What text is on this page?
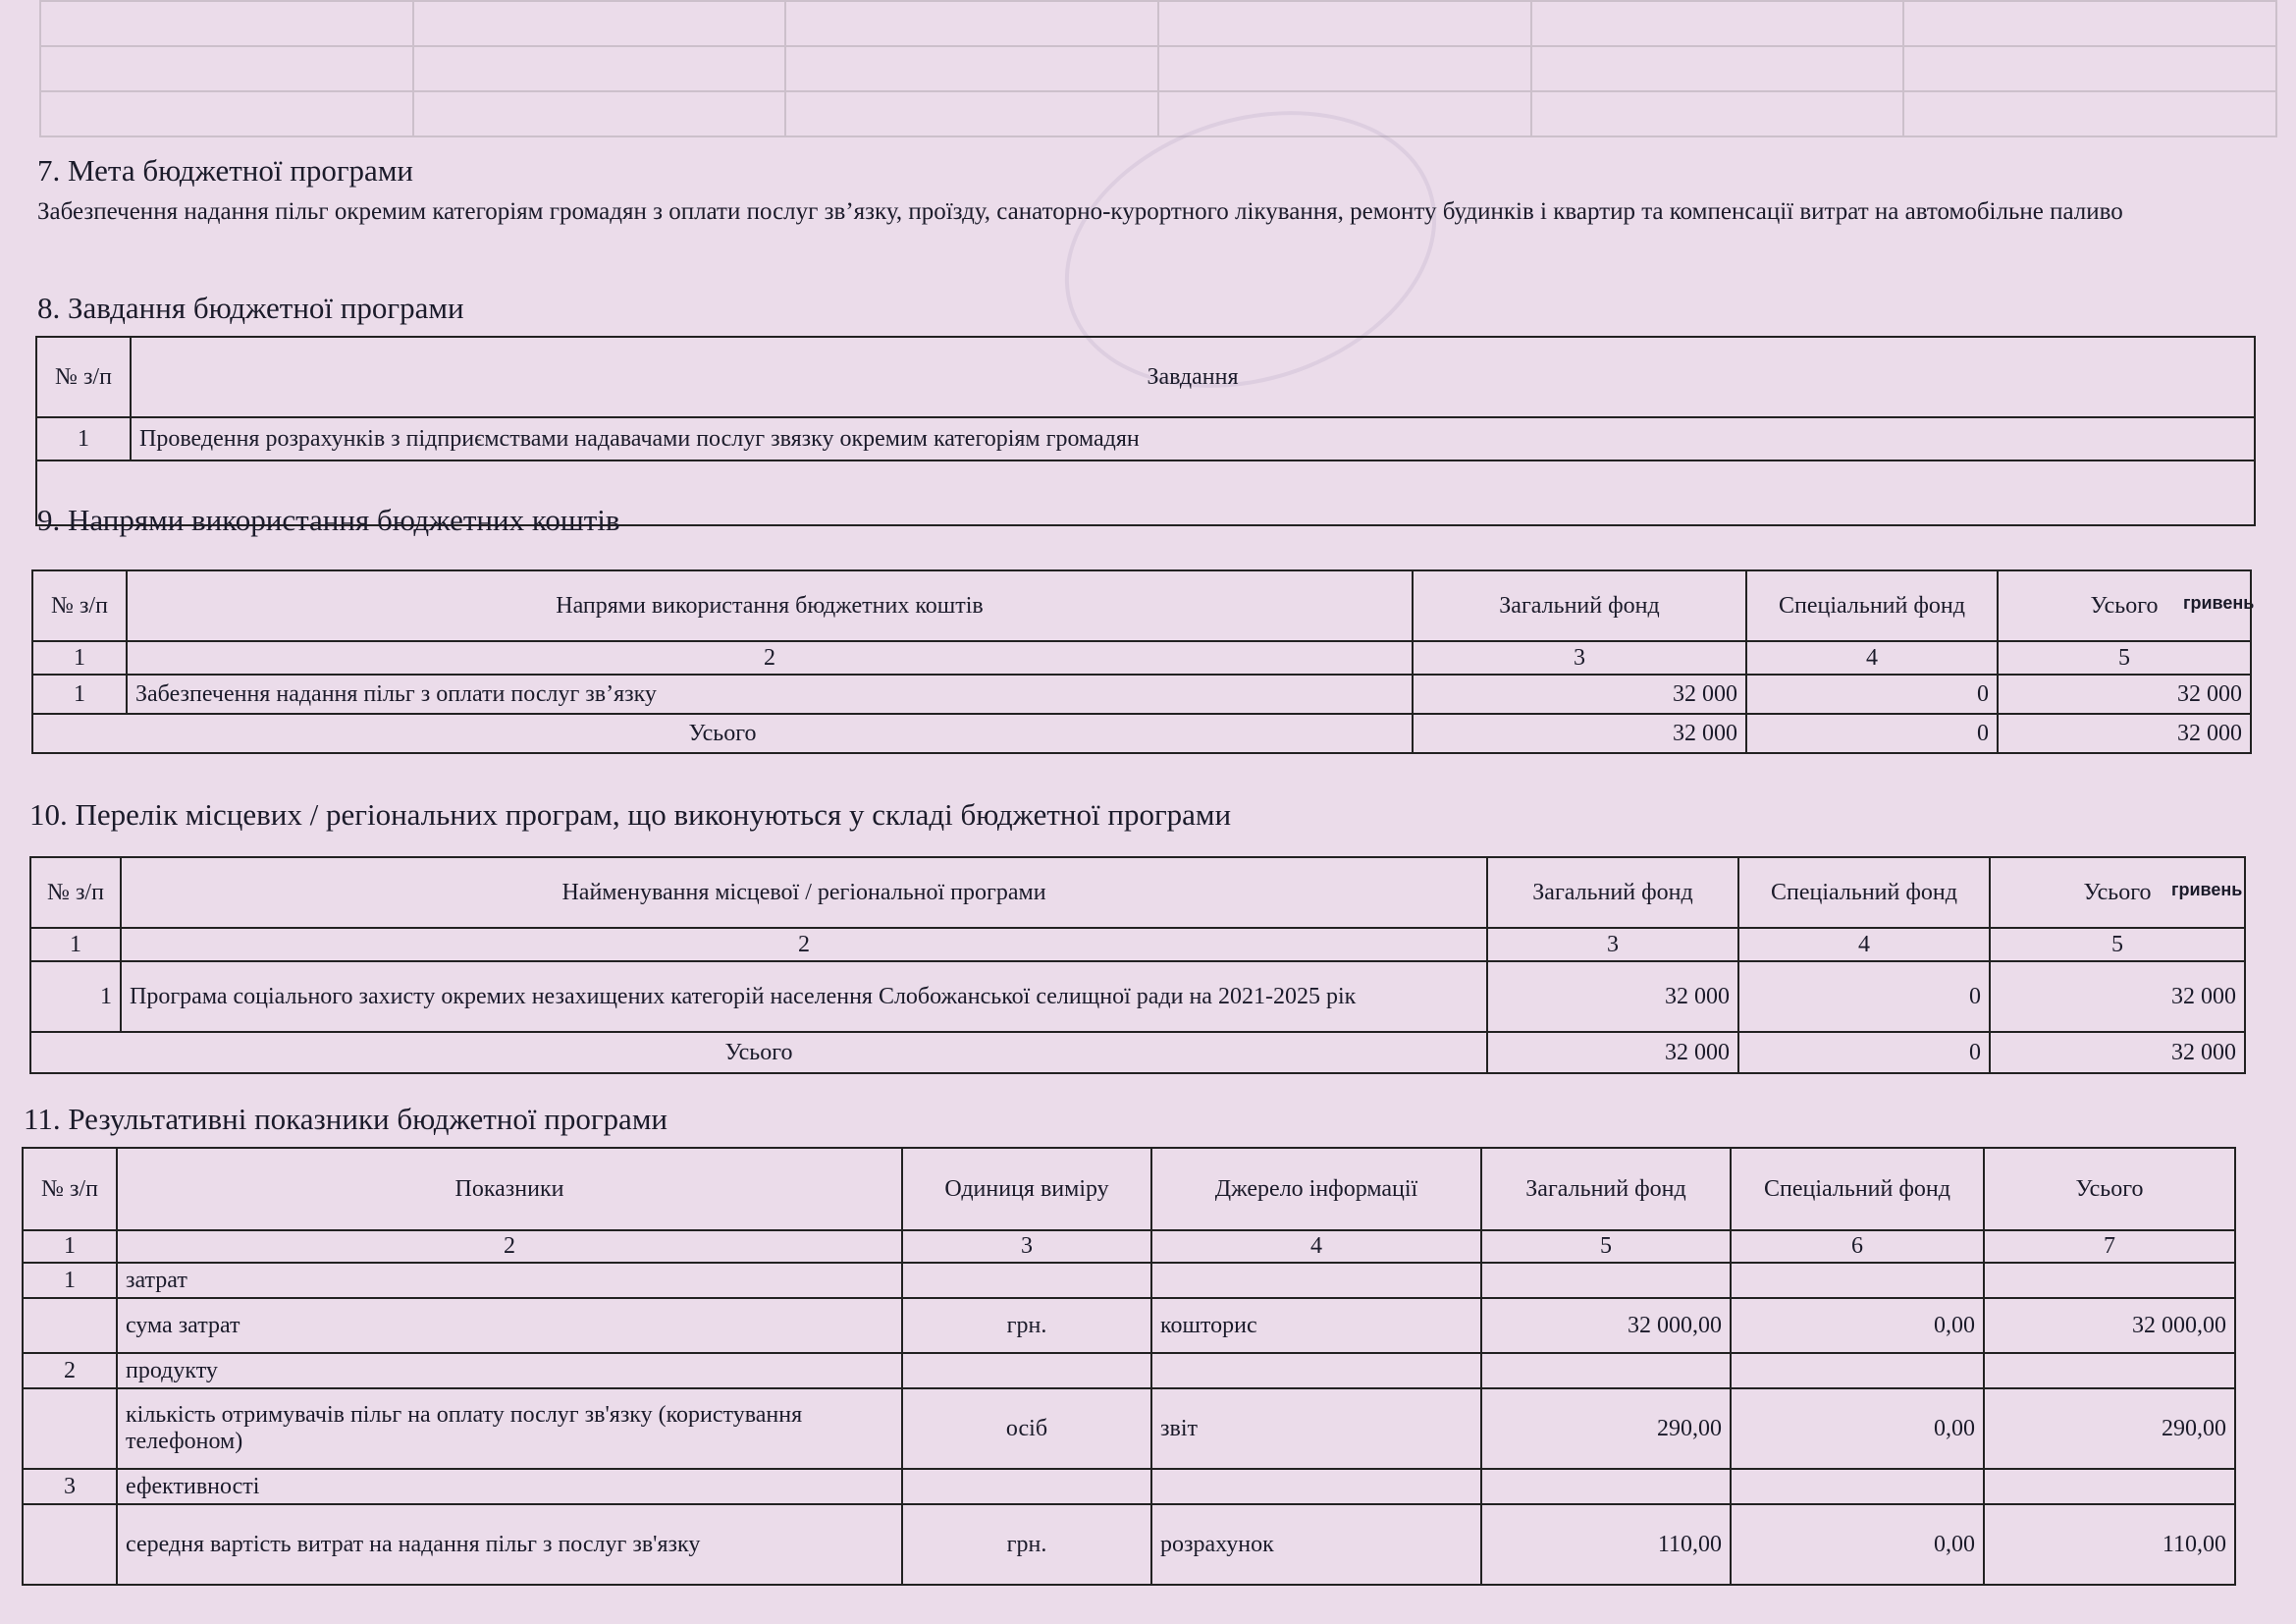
7. Мета бюджетної програми
Забезпечення надання пільг окремим категоріям громадян з оплати послуг зв’язку, проїзду, санаторно-курортного лікування, ремонту будинків і квартир та компенсації витрат на автомобільне паливо
8. Завдання бюджетної програми
№ з/п	Завдання
1	Проведення розрахунків з підприємствами надавачами послуг звязку окремим категоріям громадян

9. Напрями використання бюджетних коштів
гривень
№ з/п	Напрями використання бюджетних коштів	Загальний фонд	Спеціальний фонд	Усього
1	2	3	4	5
1	Забезпечення надання пільг з оплати послуг зв’язку	32 000	0	32 000
Усього		32 000	0	32 000
10. Перелік місцевих / регіональних програм, що виконуються у складі бюджетної програми
гривень
№ з/п	Найменування місцевої / регіональної програми	Загальний фонд	Спеціальний фонд	Усього
1	2	3	4	5
1	Програма соціального захисту окремих незахищених категорій населення Слобожанської селищної ради на 2021-2025 рік	32 000	0	32 000
Усього		32 000	0	32 000
11. Результативні показники бюджетної програми
№ з/п	Показники	Одиниця виміру	Джерело інформації	Загальний фонд	Спеціальний фонд	Усього
1	2	3	4	5	6	7
1	затрат					
	сума затрат	грн.	кошторис	32 000,00	0,00	32 000,00
2	продукту					
	кількість отримувачів пільг на оплату послуг зв'язку (користування телефоном)	осіб	звіт	290,00	0,00	290,00
3	ефективності					
	середня вартість витрат на надання пільг з послуг зв'язку	грн.	розрахунок	110,00	0,00	110,00
